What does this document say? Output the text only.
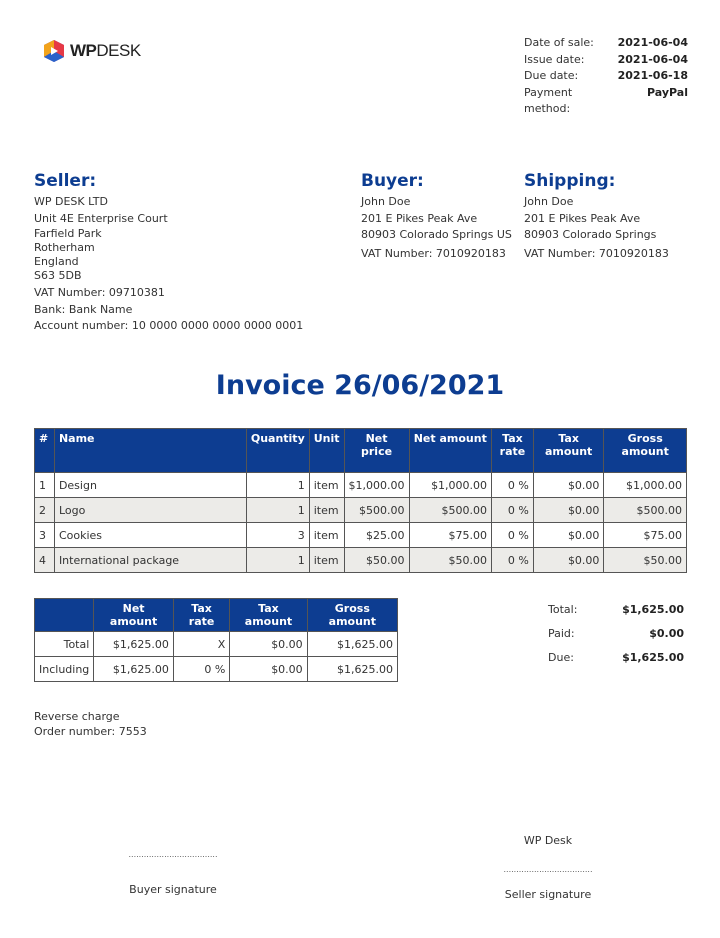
WPDESK	Date of sale: 2021-06-04
Issue date:	2021-06-04
Due date:	2021-06-18
Payment method:
PayPal
Seller:
WP DESK LTD
Unit 4E Enterprise Court
Farfield Park
Rotherham
England
S63 5DB
VAT Number: 09710381
Bank: Bank Name
Account number: 10 0000 0000 0000 0000 0001
Buyer:
John Doe
201 E Pikes Peak Ave
80903 Colorado Springs US
VAT Number: 7010920183
Shipping:
John Doe
201 E Pikes Peak Ave
80903 Colorado Springs
VAT Number: 7010920183
Invoice 26/06/2021
#	Name	Quantity	Unit	Net price	Net amount	Tax rate	Tax amount	Gross amount
1	Design	1	item	$1,000.00	$1,000.00	0 %	$0.00	$1,000.00
2	Logo	1	item	$500.00	$500.00	0 %	$0.00	$500.00
3	Cookies	3	item	$25.00	$75.00	0 %	$0.00	$75.00
4	International package	1	item	$50.00	$50.00	0 %	$0.00	$50.00
	Net amount	Tax rate	Tax amount	Gross amount
Total	$1,625.00	X	$0.00	$1,625.00
Including	$1,625.00	0 %	$0.00	$1,625.00
Total:	$1,625.00
Paid:	$0.00
Due:	$1,625.00
Reverse charge
Order number: 7553
...................................
Buyer signature
WP Desk
...................................
Seller signature
